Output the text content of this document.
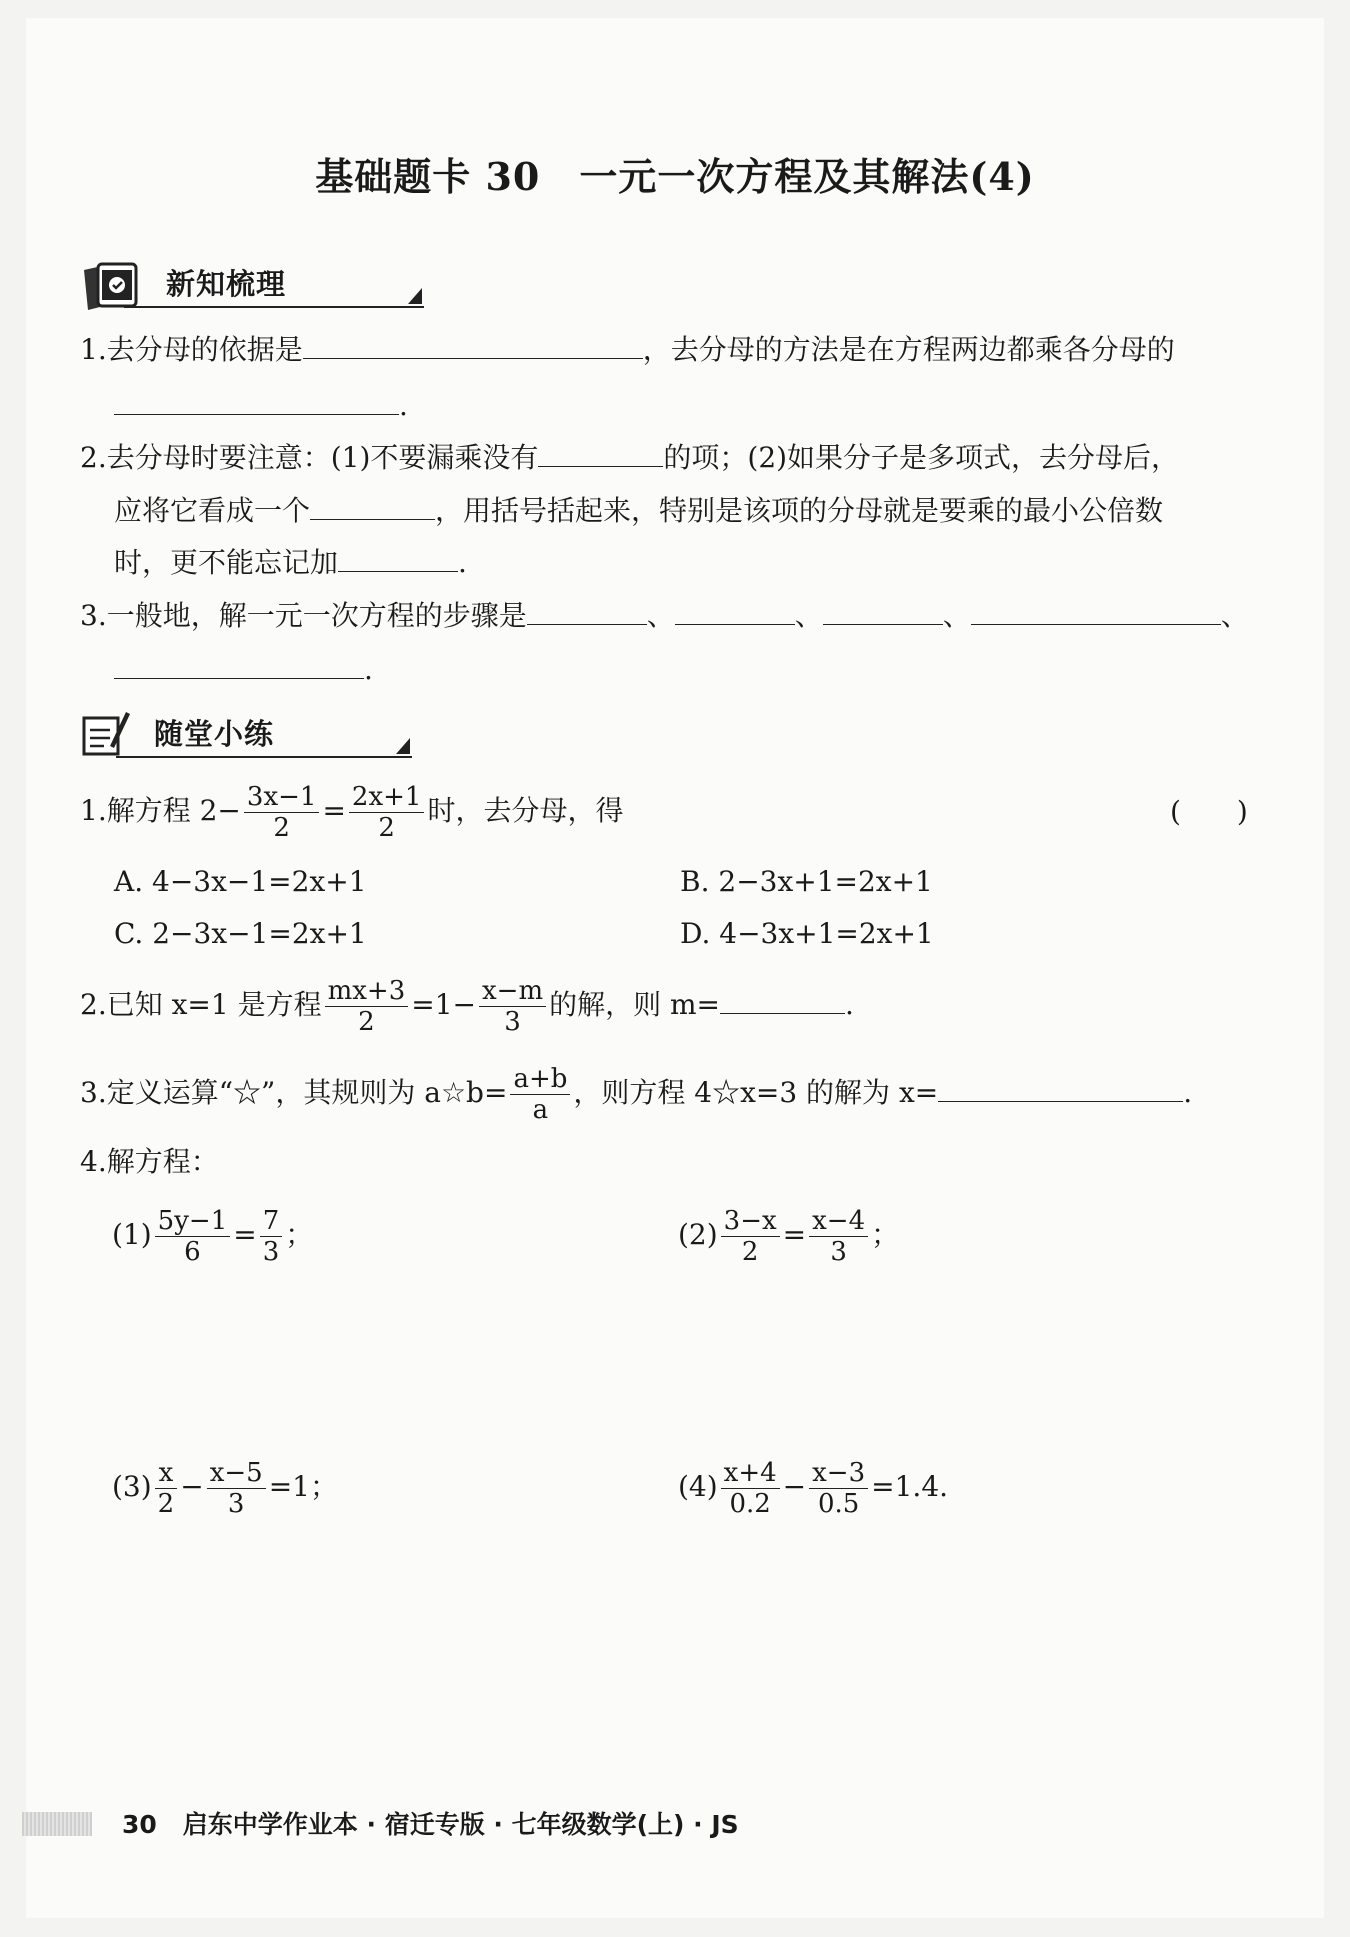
基础题卡 30　一元一次方程及其解法(4)
新知梳理
1.去分母的依据是	，去分母的方法是在方程两边都乘各分母的
.
2.去分母时要注意：(1)不要漏乘没有	的项；(2)如果分子是多项式，去分母后，
应将它看成一个	，用括号括起来，特别是该项的分母就是要乘的最小公倍数
时，更不能忘记加	.
3.一般地，解一元一次方程的步骤是	、	、	、	、
.
随堂小练
1.解方程 $2- \frac{3x-1}{2} = \frac{2x+1}{2}$ 时，去分母，得	(　　)
A. 4−3x−1=2x+1	B. 2−3x+1=2x+1
C. 2−3x−1=2x+1	D. 4−3x+1=2x+1
2.已知 x=1 是方程 $\frac{mx+3}{2} =1- \frac{x-m}{3}$ 的解，则 m=	.
3.定义运算“☆”，其规则为 a☆b= $\frac{a+b}{a}$ ，则方程 4☆x=3 的解为 x=	.
4.解方程：
$(1) \frac{5y-1}{6} = \frac{7}{3}$ ；	$(2) \frac{3-x}{2} = \frac{x-4}{3}$ ；
$(3) \frac{x}{2} - \frac{x-5}{3} =1$；	$(4) \frac{x+4}{0.2} - \frac{x-3}{0.5} =1.4$.
30 启东中学作业本 · 宿迁专版 · 七年级数学(上) · JS
